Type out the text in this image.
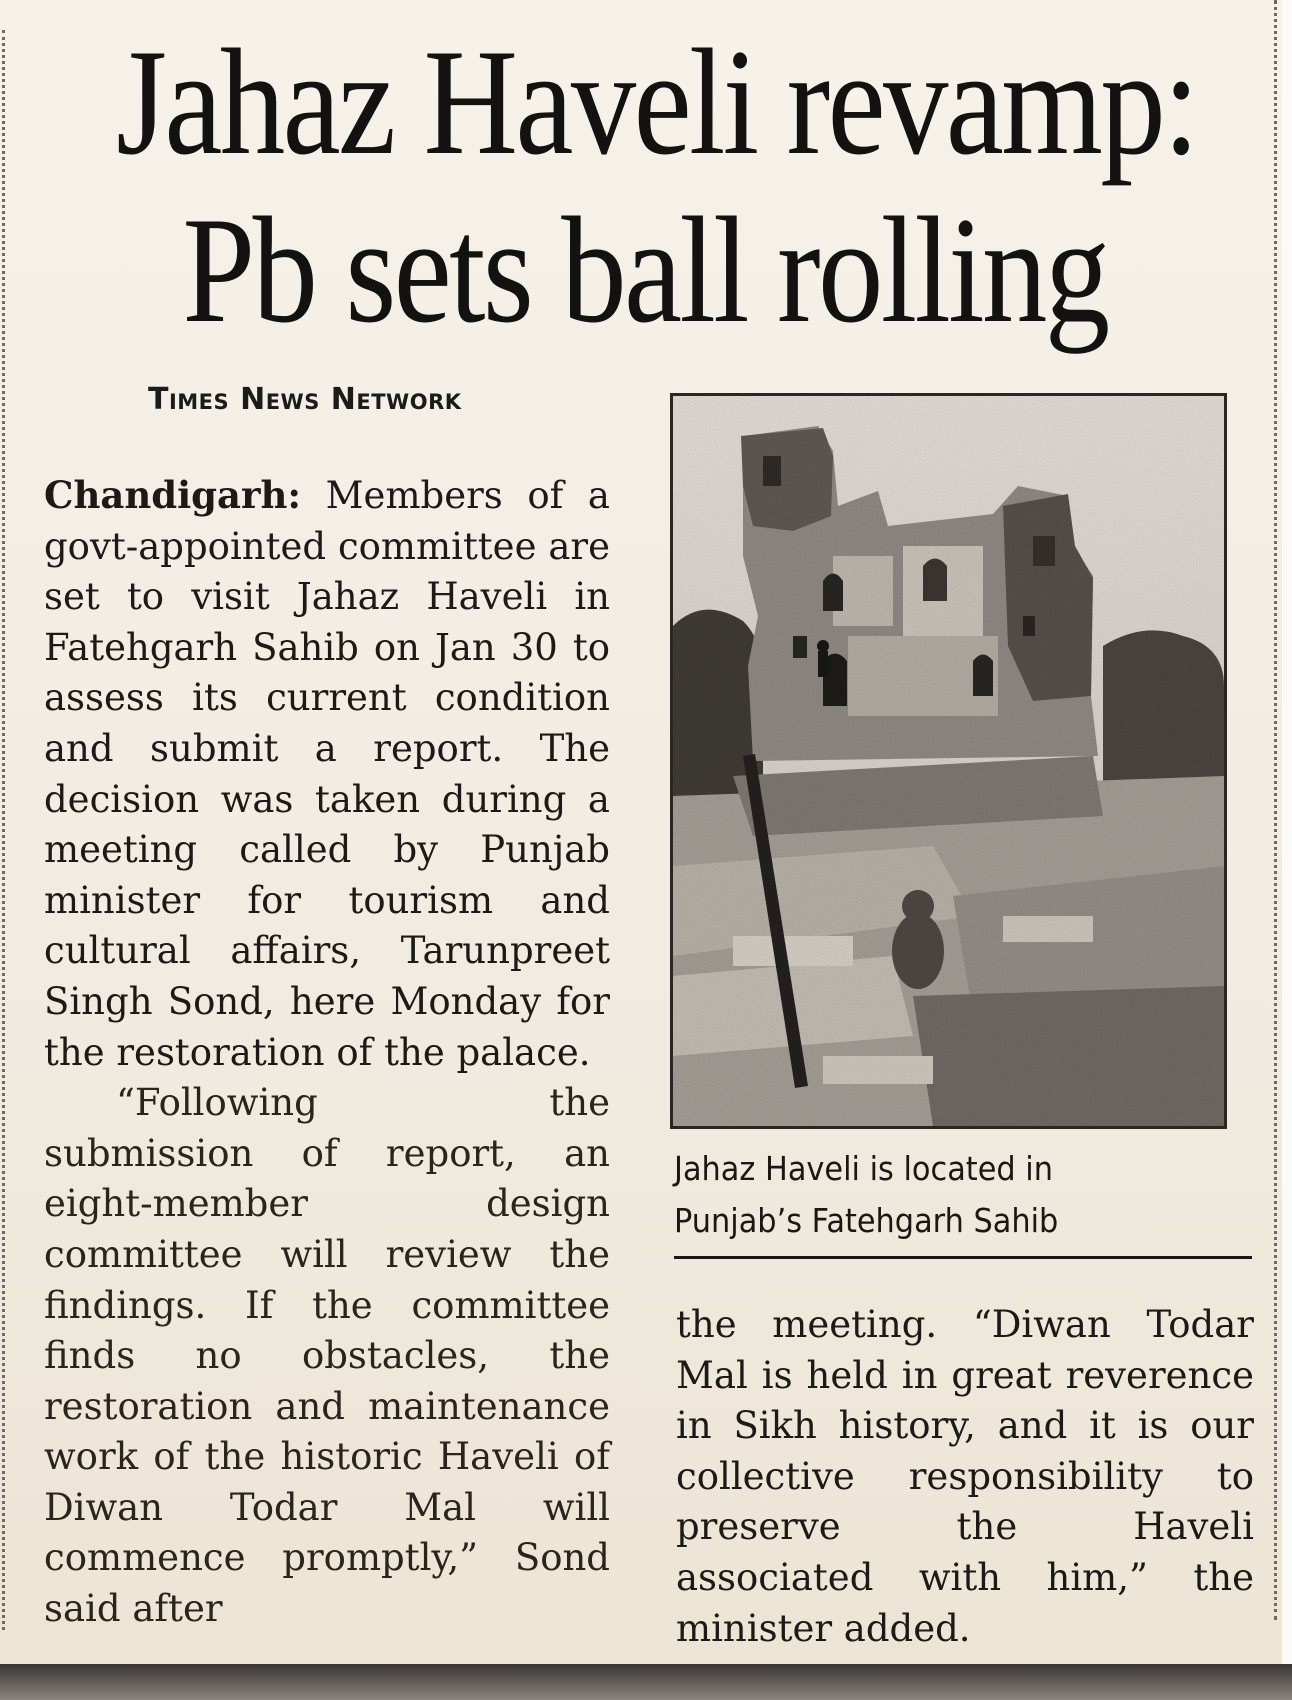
Jahaz Haveli revamp:
Pb sets ball rolling
Times News Network

Chandigarh: Members of a govt-appointed committee are set to visit Jahaz Haveli in Fatehgarh Sahib on Jan 30 to assess its current condition and submit a report. The decision was taken during a meeting called by Punjab minister for tourism and cultural affairs, Tarunpreet Singh Sond, here Monday for the restoration of the palace.

“Following the submission of report, an eight-member design committee will review the findings. If the committee finds no obstacles, the restoration and maintenance work of the historic Haveli of Diwan Todar Mal will commence promptly,” Sond said after

Jahaz Haveli is located in Punjab’s Fatehgarh Sahib

the meeting. “Diwan Todar Mal is held in great reverence in Sikh history, and it is our collective responsibility to preserve the Haveli associated with him,” the minister added.
